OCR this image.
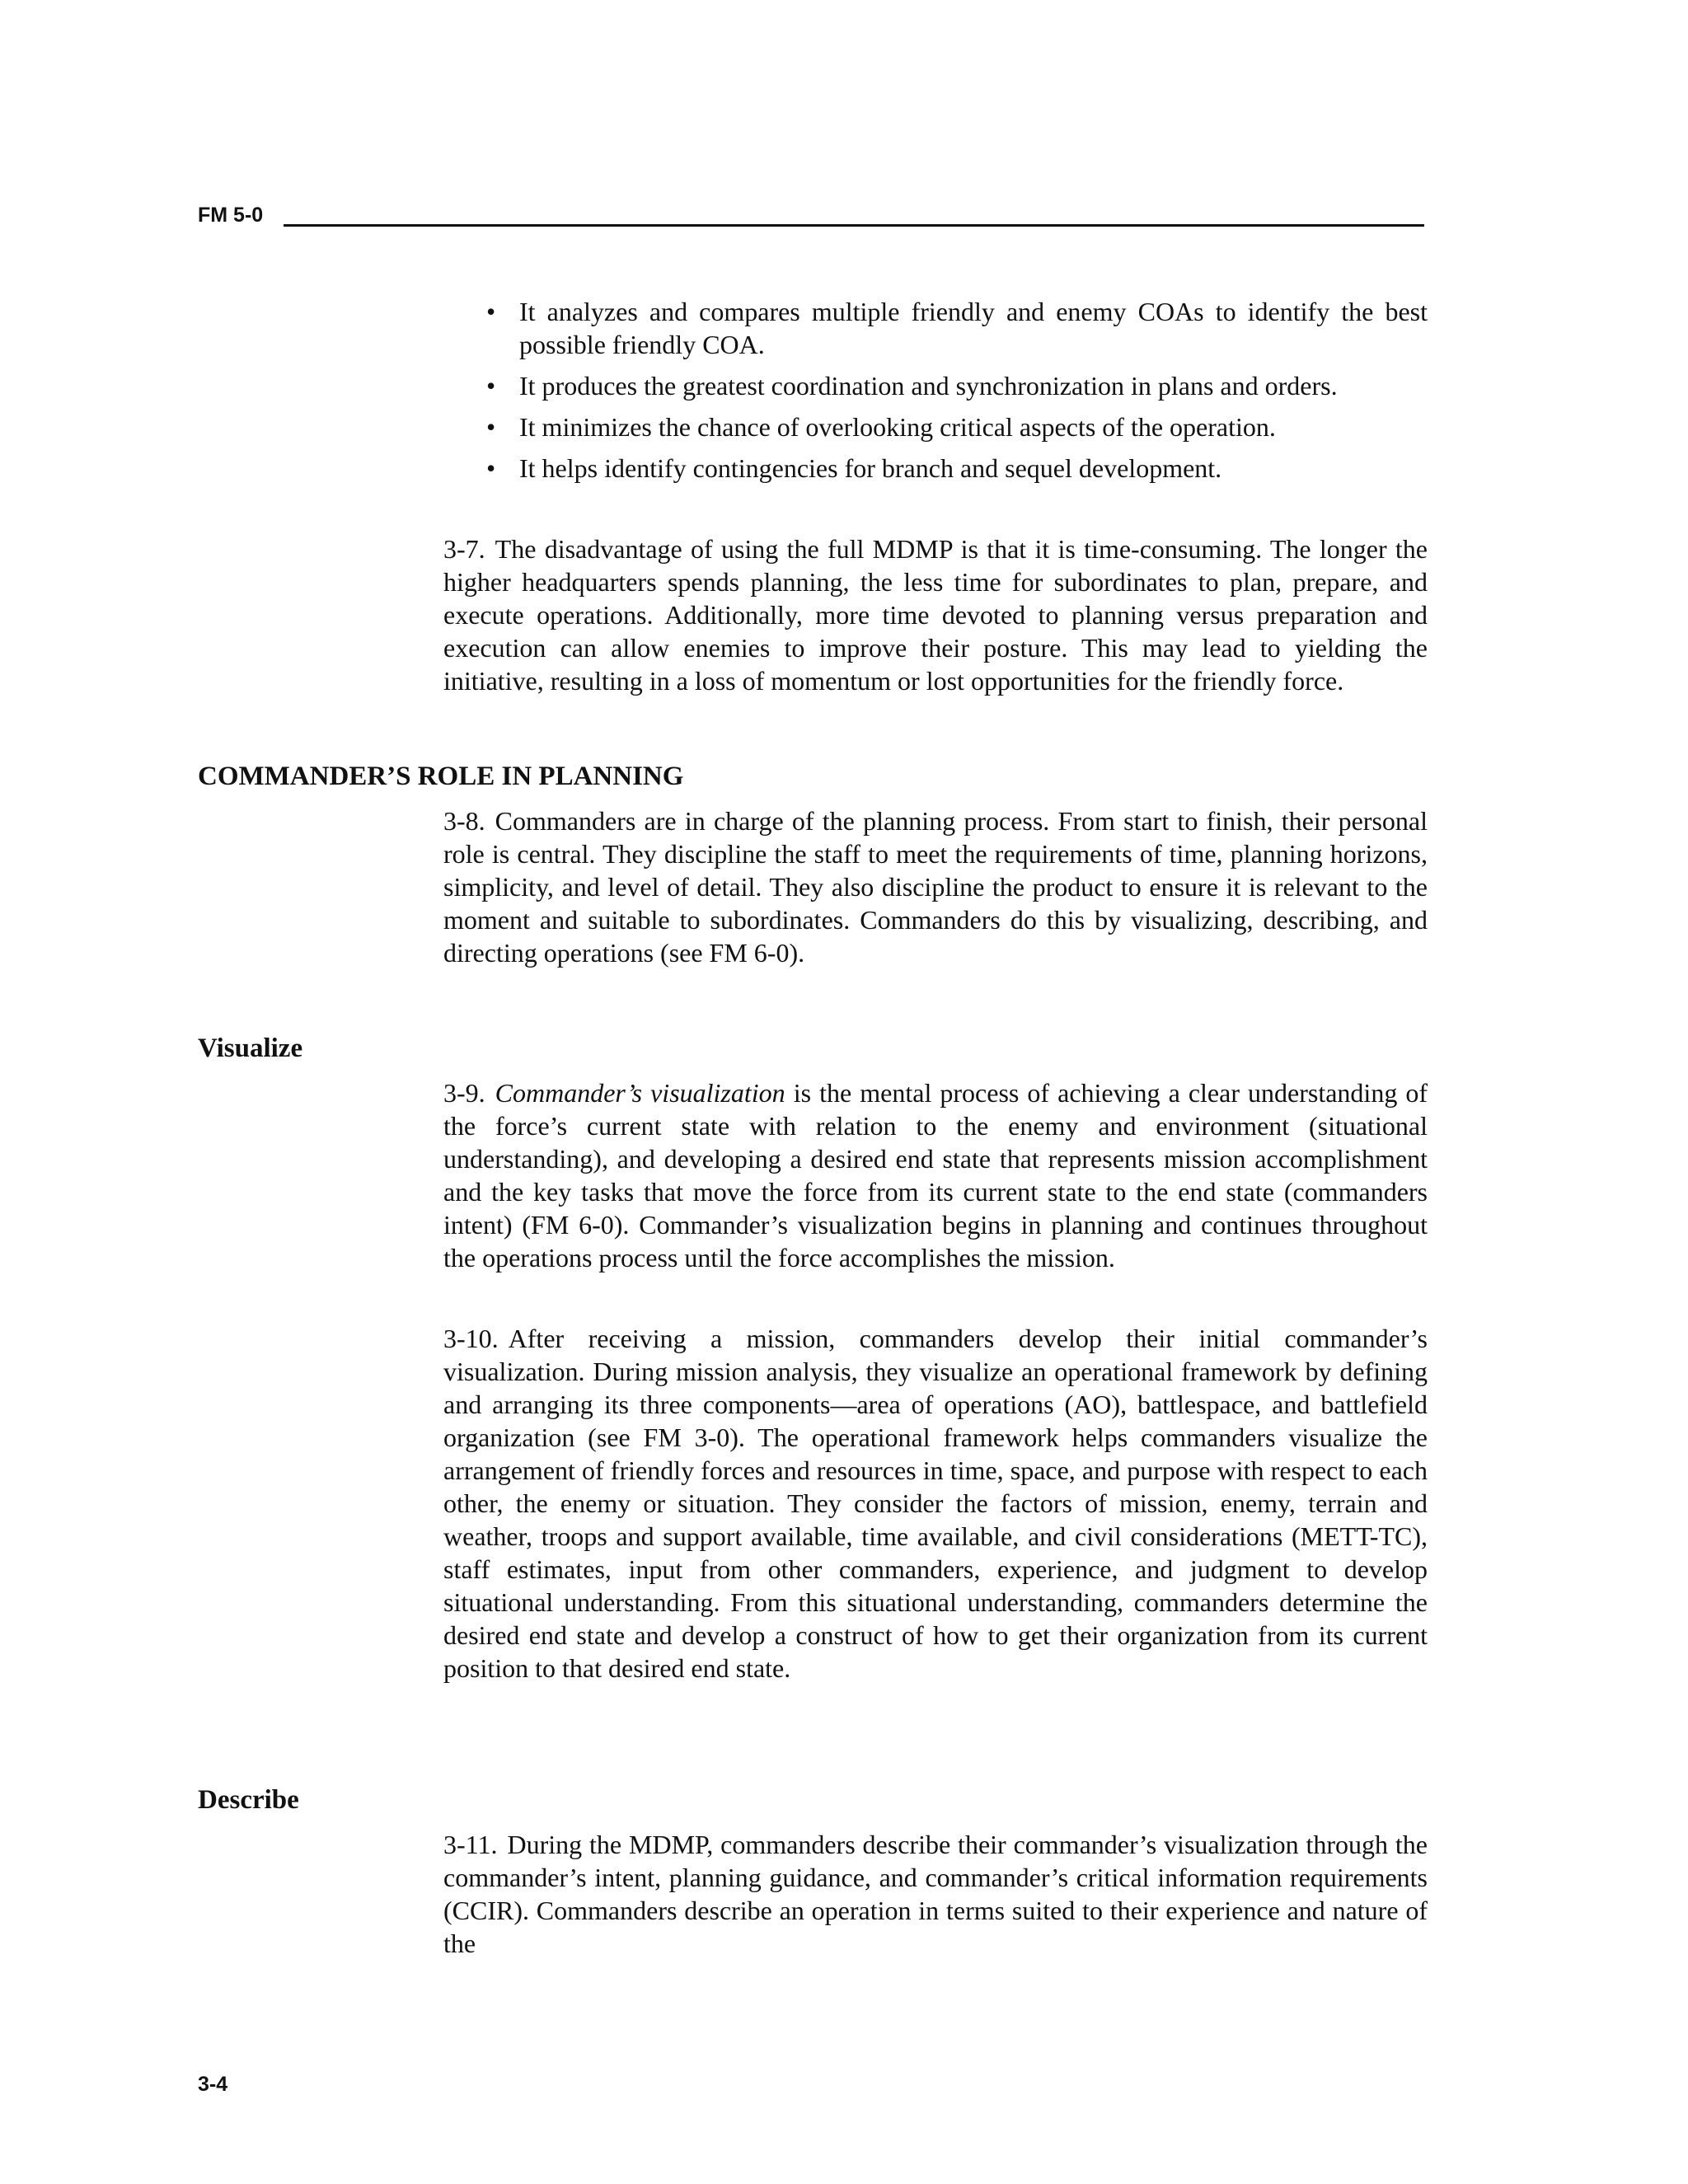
FM 5-0
• It analyzes and compares multiple friendly and enemy COAs to identify the best possible friendly COA.
• It produces the greatest coordination and synchronization in plans and orders.
• It minimizes the chance of overlooking critical aspects of the operation.
• It helps identify contingencies for branch and sequel development.

3-7. The disadvantage of using the full MDMP is that it is time-consuming. The longer the higher headquarters spends planning, the less time for subordinates to plan, prepare, and execute operations. Additionally, more time devoted to planning versus preparation and execution can allow enemies to improve their posture. This may lead to yielding the initiative, resulting in a loss of momentum or lost opportunities for the friendly force.

COMMANDER’S ROLE IN PLANNING

3-8. Commanders are in charge of the planning process. From start to finish, their personal role is central. They discipline the staff to meet the requirements of time, planning horizons, simplicity, and level of detail. They also discipline the product to ensure it is relevant to the moment and suitable to subordinates. Commanders do this by visualizing, describing, and directing operations (see FM 6-0).

Visualize

3-9. Commander’s visualization is the mental process of achieving a clear understanding of the force’s current state with relation to the enemy and environment (situational understanding), and developing a desired end state that represents mission accomplishment and the key tasks that move the force from its current state to the end state (commanders intent) (FM 6-0). Commander’s visualization begins in planning and continues throughout the operations process until the force accomplishes the mission.

3-10. After receiving a mission, commanders develop their initial commander’s visualization. During mission analysis, they visualize an operational framework by defining and arranging its three components—area of operations (AO), battlespace, and battlefield organization (see FM 3-0). The operational framework helps commanders visualize the arrangement of friendly forces and resources in time, space, and purpose with respect to each other, the enemy or situation. They consider the factors of mission, enemy, terrain and weather, troops and support available, time available, and civil considerations (METT-TC), staff estimates, input from other commanders, experience, and judgment to develop situational understanding. From this situational understanding, commanders determine the desired end state and develop a construct of how to get their organization from its current position to that desired end state.

Describe

3-11. During the MDMP, commanders describe their commander’s visualization through the commander’s intent, planning guidance, and commander’s critical information requirements (CCIR). Commanders describe an operation in terms suited to their experience and nature of the

3-4
